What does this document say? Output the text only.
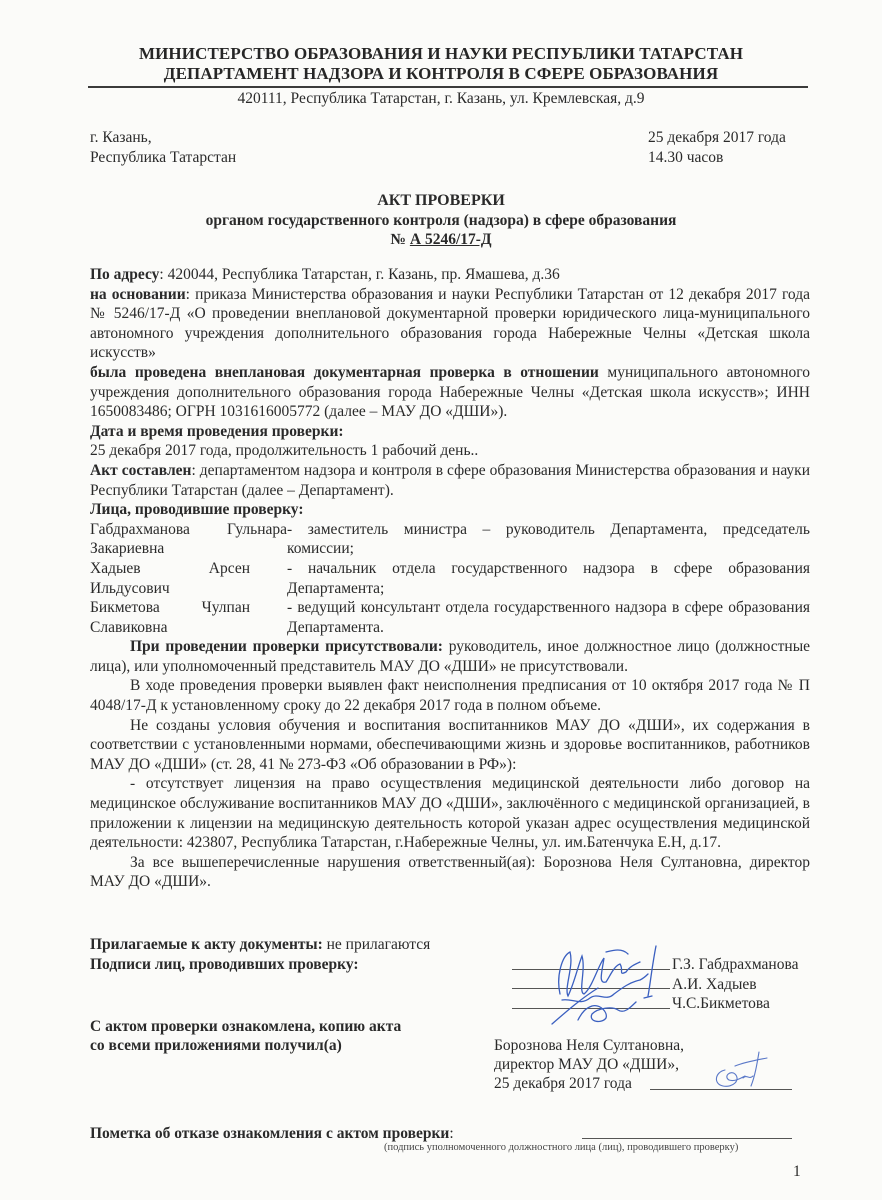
МИНИСТЕРСТВО ОБРАЗОВАНИЯ И НАУКИ РЕСПУБЛИКИ ТАТАРСТАН
ДЕПАРТАМЕНТ НАДЗОРА И КОНТРОЛЯ В СФЕРЕ ОБРАЗОВАНИЯ
420111, Республика Татарстан, г. Казань, ул. Кремлевская, д.9
г. Казань,
Республика Татарстан
25 декабря 2017 года
14.30 часов
АКТ ПРОВЕРКИ
органом государственного контроля (надзора) в сфере образования
№ А 5246/17-Д
По адресу: 420044, Республика Татарстан, г. Казань, пр. Ямашева, д.36
на основании: приказа Министерства образования и науки Республики Татарстан от 12 декабря 2017 года № 5246/17-Д «О проведении внеплановой документарной проверки юридического лица-муниципального автономного учреждения дополнительного образования города Набережные Челны «Детская школа искусств»
была проведена внеплановая документарная проверка в отношении муниципального автономного учреждения дополнительного образования города Набережные Челны «Детская школа искусств»; ИНН 1650083486; ОГРН 1031616005772 (далее – МАУ ДО «ДШИ»).
Дата и время проведения проверки:
25 декабря 2017 года, продолжительность 1 рабочий день..
Акт составлен: департаментом надзора и контроля в сфере образования Министерства образования и науки Республики Татарстан (далее – Департамент).
Лица, проводившие проверку:
Габдрахманова Гульнара Закариевна
- заместитель министра – руководитель Департамента, председатель комиссии;
Хадыев Арсен Ильдусович
- начальник отдела государственного надзора в сфере образования Департамента;
Бикметова Чулпан Славиковна
- ведущий консультант отдела государственного надзора в сфере образования Департамента.
При проведении проверки присутствовали: руководитель, иное должностное лицо (должностные лица), или уполномоченный представитель МАУ ДО «ДШИ» не присутствовали.
В ходе проведения проверки выявлен факт неисполнения предписания от 10 октября 2017 года № П 4048/17-Д к установленному сроку до 22 декабря 2017 года в полном объеме.
Не созданы условия обучения и воспитания воспитанников МАУ ДО «ДШИ», их содержания в соответствии с установленными нормами, обеспечивающими жизнь и здоровье воспитанников, работников МАУ ДО «ДШИ» (ст. 28, 41 № 273-ФЗ «Об образовании в РФ»):
- отсутствует лицензия на право осуществления медицинской деятельности либо договор на медицинское обслуживание воспитанников МАУ ДО «ДШИ», заключённого с медицинской организацией, в приложении к лицензии на медицинскую деятельность которой указан адрес осуществления медицинской деятельности: 423807, Республика Татарстан, г.Набережные Челны, ул. им.Батенчука Е.Н, д.17.
За все вышеперечисленные нарушения ответственный(ая): Борознова Неля Султановна, директор МАУ ДО «ДШИ».
Прилагаемые к акту документы: не прилагаются
Подписи лиц, проводивших проверку:	Г.З. Габдрахманова
А.И. Хадыев
Ч.С.Бикметова
С актом проверки ознакомлена, копию акта
со всеми приложениями получил(а)	Борознова Неля Султановна,
директор МАУ ДО «ДШИ»,
25 декабря 2017 года
Пометка об отказе ознакомления с актом проверки:
(подпись уполномоченного должностного лица (лиц), проводившего проверку)
1
